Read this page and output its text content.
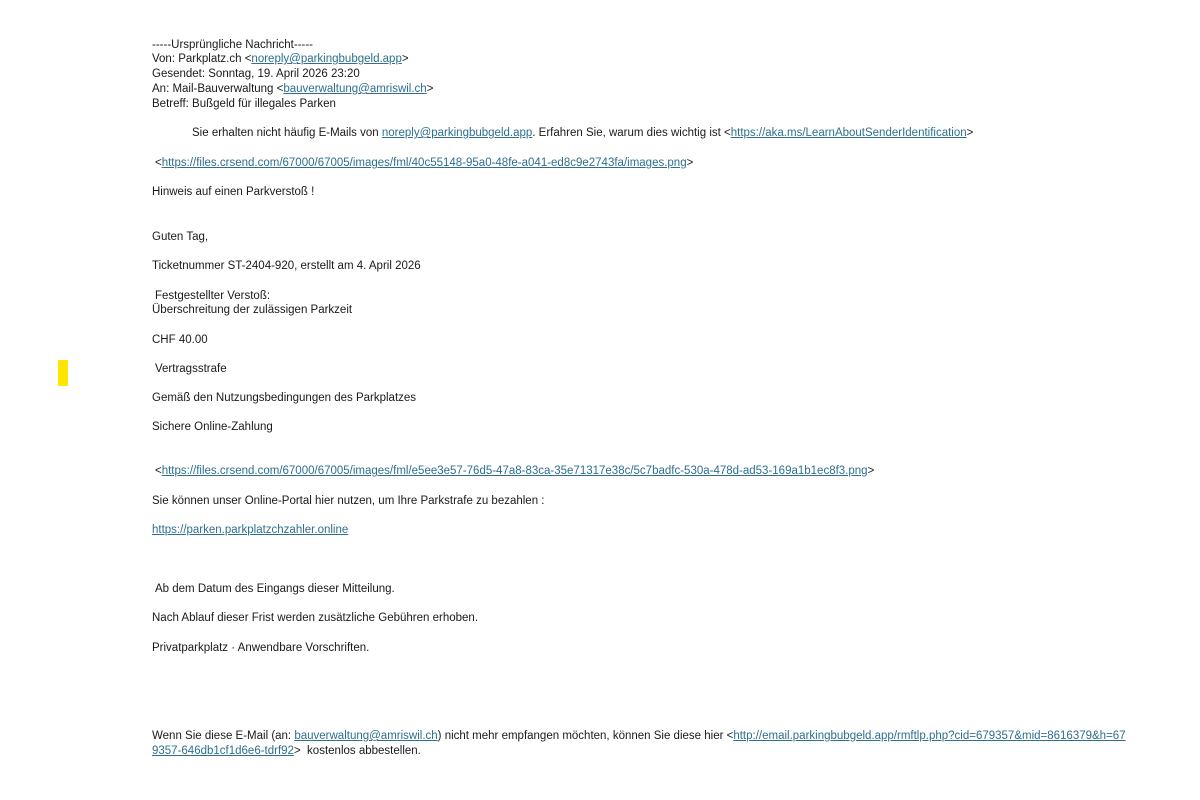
-----Ursprüngliche Nachricht-----
Von: Parkplatz.ch <noreply@parkingbubgeld.app>
Gesendet: Sonntag, 19. April 2026 23:20
An: Mail-Bauverwaltung <bauverwaltung@amriswil.ch>
Betreff: Bußgeld für illegales Parken
Sie erhalten nicht häufig E-Mails von noreply@parkingbubgeld.app. Erfahren Sie, warum dies wichtig ist <https://aka.ms/LearnAboutSenderIdentification>
<https://files.crsend.com/67000/67005/images/fml/40c55148-95a0-48fe-a041-ed8c9e2743fa/images.png>
Hinweis auf einen Parkverstoß !
Guten Tag,
Ticketnummer ST-2404-920, erstellt am 4. April 2026
Festgestellter Verstoß:
Überschreitung der zulässigen Parkzeit
CHF 40.00
Vertragsstrafe
Gemäß den Nutzungsbedingungen des Parkplatzes
Sichere Online-Zahlung
<https://files.crsend.com/67000/67005/images/fml/e5ee3e57-76d5-47a8-83ca-35e71317e38c/5c7badfc-530a-478d-ad53-169a1b1ec8f3.png>
Sie können unser Online-Portal hier nutzen, um Ihre Parkstrafe zu bezahlen :
https://parken.parkplatzchzahler.online
Ab dem Datum des Eingangs dieser Mitteilung.
Nach Ablauf dieser Frist werden zusätzliche Gebühren erhoben.
Privatparkplatz · Anwendbare Vorschriften.
Wenn Sie diese E-Mail (an: bauverwaltung@amriswil.ch) nicht mehr empfangen möchten, können Sie diese hier <http://email.parkingbubgeld.app/rmftlp.php?cid=679357&mid=8616379&h=679357-646db1cf1d6e6-tdrf92>  kostenlos abbestellen.
